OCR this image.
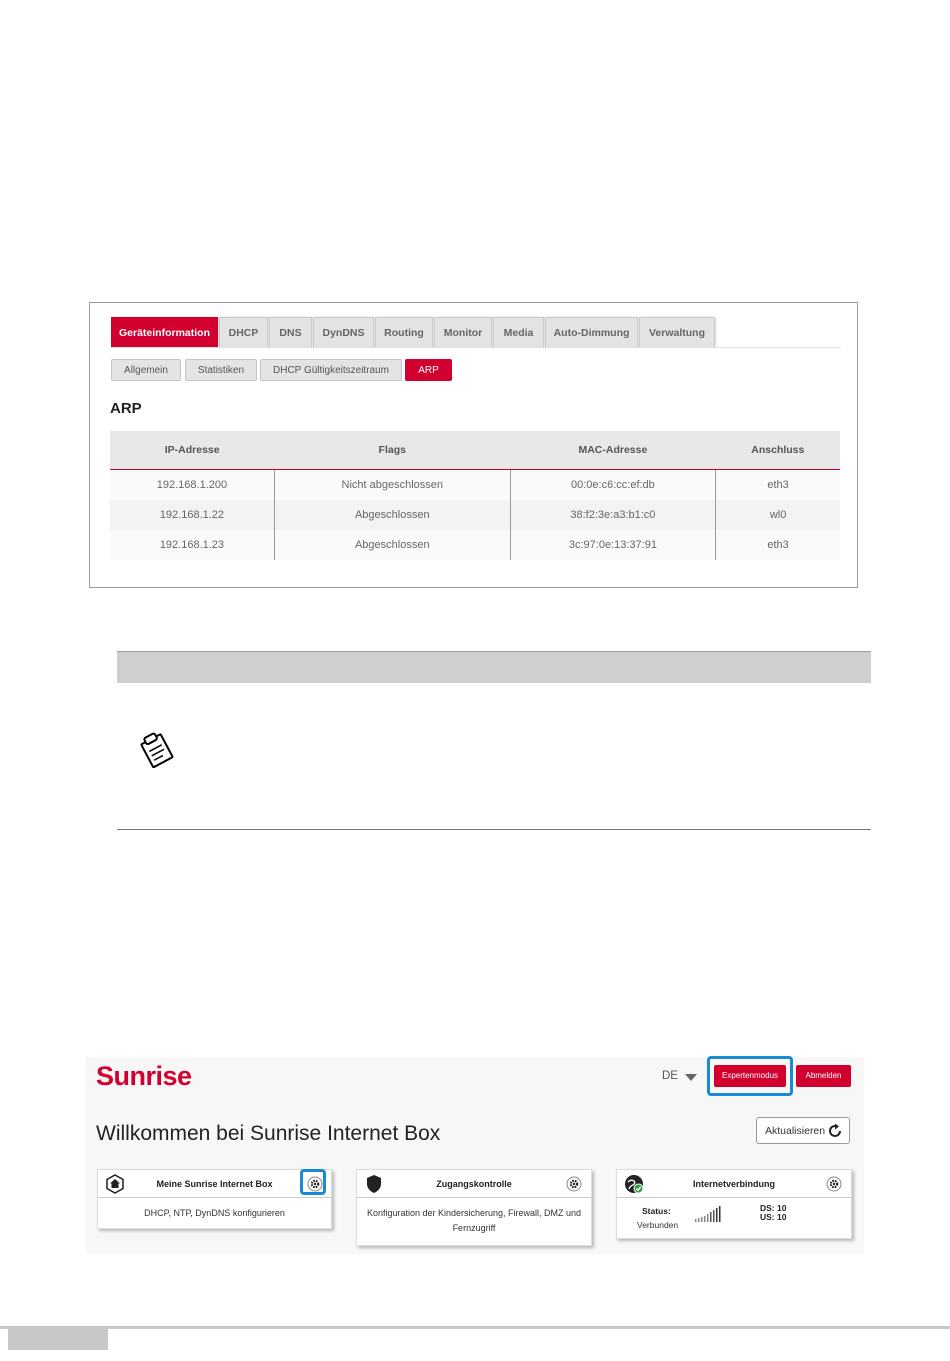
Geräteinformation	DHCP	DNS	DynDNS	Routing	Monitor	Media	Auto-Dimmung	Verwaltung
Allgemein	Statistiken	DHCP Gültigkeitszeitraum	ARP
ARP
IP-Adresse	Flags	MAC-Adresse	Anschluss
192.168.1.200	Nicht abgeschlossen	00:0e:c6:cc:ef:db	eth3
192.168.1.22	Abgeschlossen	38:f2:3e:a3:b1:c0	wl0
192.168.1.23	Abgeschlossen	3c:97:0e:13:37:91	eth3
Sunrise	DE	Expertenmodus	Abmelden
Willkommen bei Sunrise Internet Box	Aktualisieren
Meine Sunrise Internet Box
DHCP, NTP, DynDNS konfigurieren
Zugangskontrolle
Konfiguration der Kindersicherung, Firewall, DMZ und Fernzugriff
Internetverbindung
Status:
Verbunden
DS: 10
US: 10
